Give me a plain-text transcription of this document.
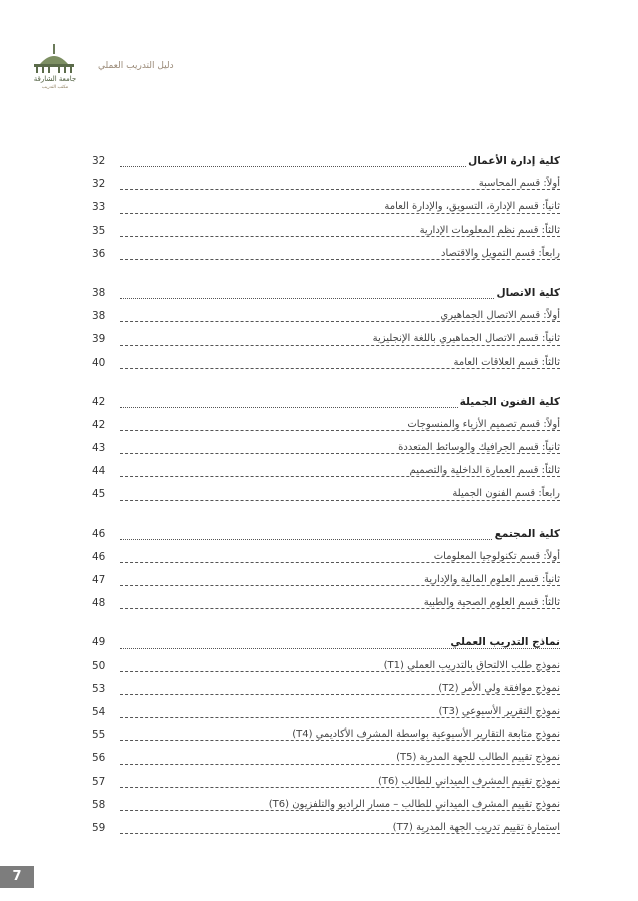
جامعة الشارقة
مكتب التدريب
دليل التدريب العملي
كلية إدارة الأعمال
32
أولاً: قسم المحاسبة
32
ثانياً: قسم الإدارة، التسويق، والإدارة العامة
33
ثالثاً: قسم نظم المعلومات الإدارية
35
رابعاً: قسم التمويل والاقتصاد
36
كلية الاتصال
38
أولاً: قسم الاتصال الجماهيري
38
ثانياً: قسم الاتصال الجماهيري باللغة الإنجليزية
39
ثالثاً: قسم العلاقات العامة
40
كلية الفنون الجميلة
42
أولاً: قسم تصميم الأزياء والمنسوجات
42
ثانياً: قسم الجرافيك والوسائط المتعددة
43
ثالثاً: قسم العمارة الداخلية والتصميم
44
رابعاً: قسم الفنون الجميلة
45
كلية المجتمع
46
أولاً: قسم تكنولوجيا المعلومات
46
ثانياً: قسم العلوم المالية والإدارية
47
ثالثاً: قسم العلوم الصحية والطبية
48
نماذج التدريب العملي
49
نموذج طلب الالتحاق بالتدريب العملي (T1)
50
نموذج موافقة ولي الأمر (T2)
53
نموذج التقرير الأسبوعي (T3)
54
نموذج متابعة التقارير الأسبوعية بواسطة المشرف الأكاديمي (T4)
55
نموذج تقييم الطالب للجهة المدربة (T5)
56
نموذج تقييم المشرف الميداني للطالب (T6)
57
نموذج تقييم المشرف الميداني للطالب – مسار الراديو والتلفزيون (T6)
58
استمارة تقييم تدريب الجهة المدربة (T7)
59
7
